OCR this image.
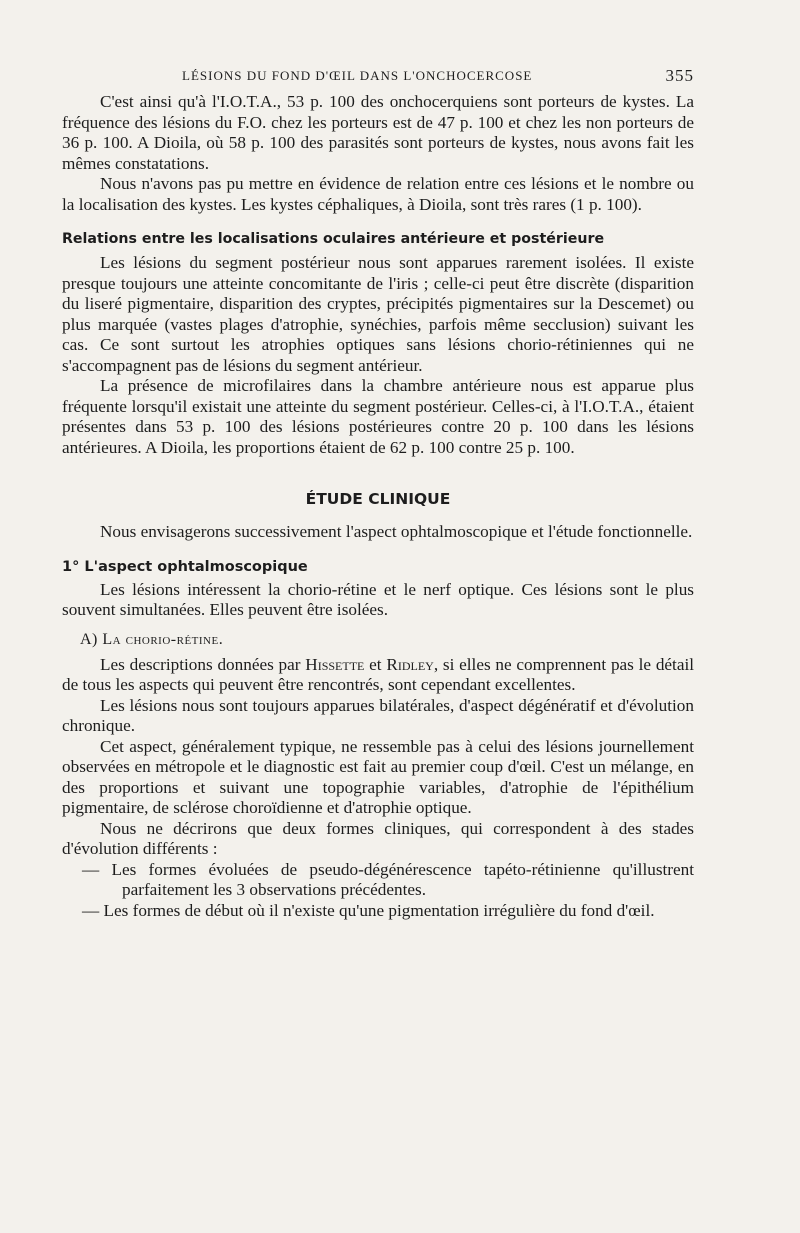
LÉSIONS DU FOND D'ŒIL DANS L'ONCHOCERCOSE	355

C'est ainsi qu'à l'I.O.T.A., 53 p. 100 des onchocerquiens sont porteurs de kystes. La fréquence des lésions du F.O. chez les porteurs est de 47 p. 100 et chez les non porteurs de 36 p. 100. A Dioila, où 58 p. 100 des parasités sont porteurs de kystes, nous avons fait les mêmes constatations.

Nous n'avons pas pu mettre en évidence de relation entre ces lésions et le nombre ou la localisation des kystes. Les kystes céphaliques, à Dioila, sont très rares (1 p. 100).

Relations entre les localisations oculaires antérieure et postérieure

Les lésions du segment postérieur nous sont apparues rarement isolées. Il existe presque toujours une atteinte concomitante de l'iris ; celle-ci peut être discrète (disparition du liseré pigmentaire, disparition des cryptes, précipités pigmentaires sur la Descemet) ou plus marquée (vastes plages d'atrophie, synéchies, parfois même secclusion) suivant les cas. Ce sont surtout les atrophies optiques sans lésions chorio-rétiniennes qui ne s'accompagnent pas de lésions du segment antérieur.

La présence de microfilaires dans la chambre antérieure nous est apparue plus fréquente lorsqu'il existait une atteinte du segment postérieur. Celles-ci, à l'I.O.T.A., étaient présentes dans 53 p. 100 des lésions postérieures contre 20 p. 100 dans les lésions antérieures. A Dioila, les proportions étaient de 62 p. 100 contre 25 p. 100.

ÉTUDE CLINIQUE

Nous envisagerons successivement l'aspect ophtalmoscopique et l'étude fonctionnelle.

1° L'aspect ophtalmoscopique

Les lésions intéressent la chorio-rétine et le nerf optique. Ces lésions sont le plus souvent simultanées. Elles peuvent être isolées.

A) La chorio-rétine.

Les descriptions données par Hissette et Ridley, si elles ne comprennent pas le détail de tous les aspects qui peuvent être rencontrés, sont cependant excellentes.

Les lésions nous sont toujours apparues bilatérales, d'aspect dégénératif et d'évolution chronique.

Cet aspect, généralement typique, ne ressemble pas à celui des lésions journellement observées en métropole et le diagnostic est fait au premier coup d'œil. C'est un mélange, en des proportions et suivant une topographie variables, d'atrophie de l'épithélium pigmentaire, de sclérose choroïdienne et d'atrophie optique.

Nous ne décrirons que deux formes cliniques, qui correspondent à des stades d'évolution différents :

— Les formes évoluées de pseudo-dégénérescence tapéto-rétinienne qu'illustrent parfaitement les 3 observations précédentes.

— Les formes de début où il n'existe qu'une pigmentation irrégulière du fond d'œil.
